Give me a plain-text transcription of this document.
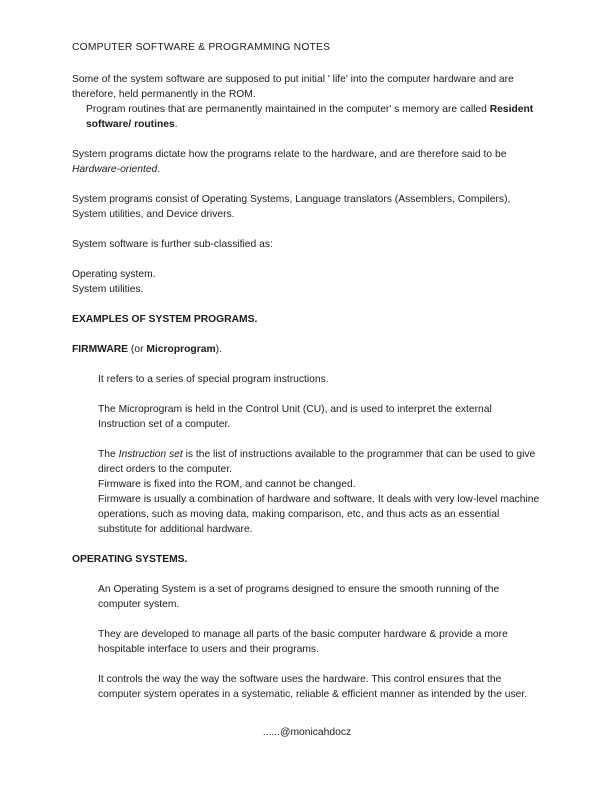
COMPUTER SOFTWARE & PROGRAMMING NOTES

Some of the system software are supposed to put initial ' life' into the computer hardware and are therefore, held permanently in the ROM.

Program routines that are permanently maintained in the computer' s memory are called Resident software/ routines.

System programs dictate how the programs relate to the hardware, and are therefore said to be Hardware-oriented.

System programs consist of Operating Systems, Language translators (Assemblers, Compilers), System utilities, and Device drivers.

System software is further sub-classified as:

Operating system.

System utilities.

EXAMPLES OF SYSTEM PROGRAMS.

FIRMWARE (or Microprogram).

It refers to a series of special program instructions.

The Microprogram is held in the Control Unit (CU), and is used to interpret the external Instruction set of a computer.

The Instruction set is the list of instructions available to the programmer that can be used to give direct orders to the computer.

Firmware is fixed into the ROM, and cannot be changed.

Firmware is usually a combination of hardware and software. It deals with very low-level machine operations, such as moving data, making comparison, etc, and thus acts as an essential substitute for additional hardware.

OPERATING SYSTEMS.

An Operating System is a set of programs designed to ensure the smooth running of the computer system.

They are developed to manage all parts of the basic computer hardware & provide a more hospitable interface to users and their programs.

It controls the way the way the software uses the hardware. This control ensures that the computer system operates in a systematic, reliable & efficient manner as intended by the user.

......@monicahdocz
